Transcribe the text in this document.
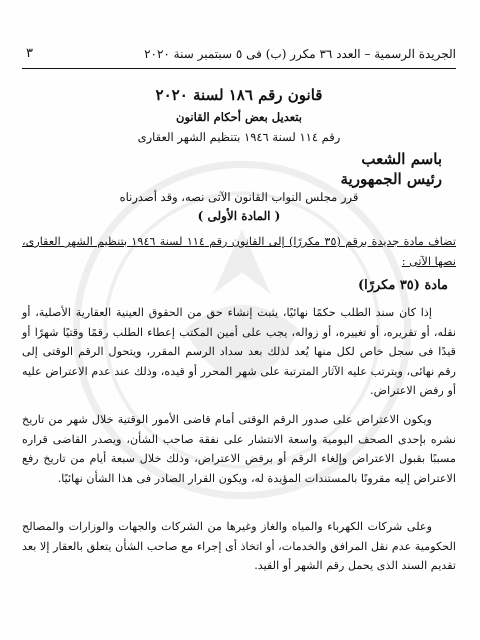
الجريدة الرسمية – العدد ٣٦ مكرر (ب) فى ٥ سبتمبر سنة ٢٠٢٠
٣
قانون رقم ١٨٦ لسنة ٢٠٢٠
بتعديل بعض أحكام القانون
رقم ١١٤ لسنة ١٩٤٦ بتنظيم الشهر العقارى
باسم الشعب
رئيس الجمهورية
قرر مجلس النواب القانون الآتى نصه، وقد أصدرناه
( المادة الأولى )
تضاف مادة جديدة برقم (٣٥ مكررًا) إلى القانون رقم ١١٤ لسنة ١٩٤٦ بتنظيم الشهر العقارى، نصها الآتى :
مادة (٣٥ مكررًا)
إذا كان سند الطلب حكمًا نهائيًا، يثبت إنشاء حق من الحقوق العينية العقارية الأصلية، أو نقله، أو تقريره، أو تغييره، أو زواله، يجب على أمين المكتب إعطاء الطلب رقمًا وقتيًا شهرًا أو قيدًا فى سجل خاص لكل منها يُعد لذلك بعد سداد الرسم المقرر، ويتحول الرقم الوقتى إلى رقم نهائى، ويترتب عليه الآثار المترتبة على شهر المحرر أو قيده، وذلك عند عدم الاعتراض عليه أو رفض الاعتراض.
ويكون الاعتراض على صدور الرقم الوقتى أمام قاضى الأمور الوقتية خلال شهر من تاريخ نشره بإحدى الصحف اليومية واسعة الانتشار على نفقة صاحب الشأن، ويصدر القاضى قراره مسببًا بقبول الاعتراض وإلغاء الرقم أو برفض الاعتراض، وذلك خلال سبعة أيام من تاريخ رفع الاعتراض إليه مقرونًا بالمستندات المؤيدة له، ويكون القرار الصادر فى هذا الشأن نهائيًا.
وعلى شركات الكهرباء والمياه والغاز وغيرها من الشركات والجهات والوزارات والمصالح الحكومية عدم نقل المرافق والخدمات، أو اتخاذ أى إجراء مع صاحب الشأن يتعلق بالعقار إلا بعد تقديم السند الذى يحمل رقم الشهر أو القيد.
